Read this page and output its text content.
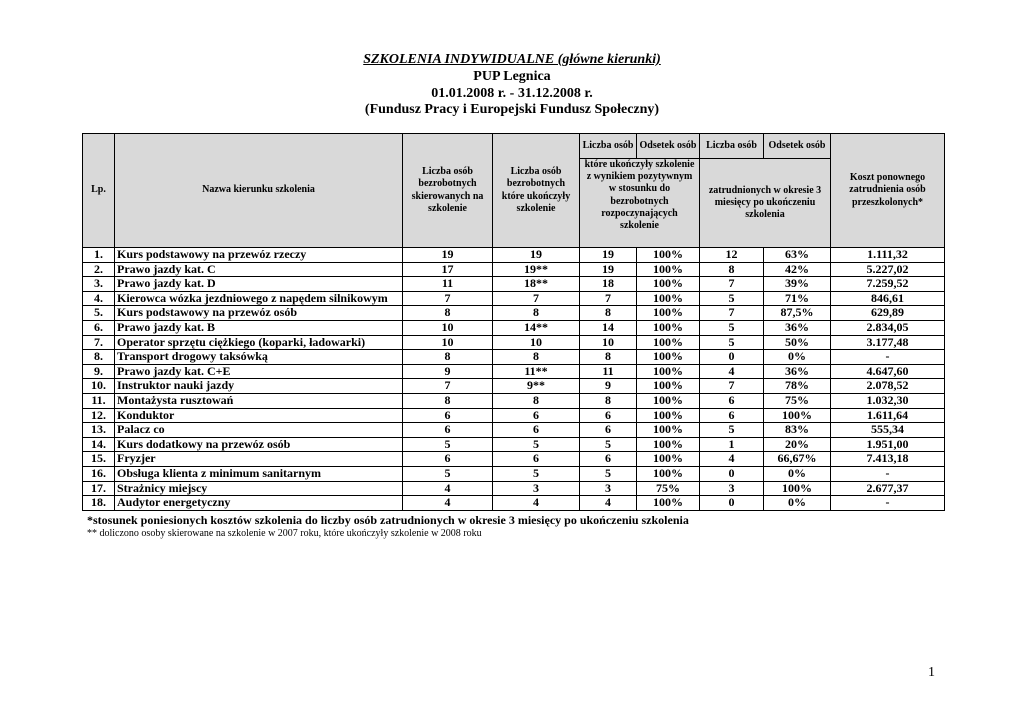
SZKOLENIA INDYWIDUALNE (główne kierunki)
PUP Legnica
01.01.2008 r. - 31.12.2008 r.
(Fundusz Pracy i Europejski Fundusz Społeczny)
Lp.	Nazwa kierunku szkolenia	Liczba osób bezrobotnych skierowanych na szkolenie	Liczba osób bezrobotnych które ukończyły szkolenie	Liczba osób	Odsetek osób	Liczba osób	Odsetek osób	Koszt ponownego zatrudnienia osób przeszkolonych*
				które ukończyły szkolenie z wynikiem pozytywnym w stosunku do bezrobotnych rozpoczynających szkolenie		zatrudnionych w okresie 3 miesięcy po ukończeniu szkolenia		
1.	Kurs podstawowy na przewóz rzeczy	19	19	19	100%	12	63%	1.111,32
2.	Prawo jazdy kat. C	17	19**	19	100%	8	42%	5.227,02
3.	Prawo jazdy kat. D	11	18**	18	100%	7	39%	7.259,52
4.	Kierowca wózka jezdniowego z napędem silnikowym	7	7	7	100%	5	71%	846,61
5.	Kurs podstawowy na przewóz osób	8	8	8	100%	7	87,5%	629,89
6.	Prawo jazdy kat. B	10	14**	14	100%	5	36%	2.834,05
7.	Operator sprzętu ciężkiego (koparki, ładowarki)	10	10	10	100%	5	50%	3.177,48
8.	Transport drogowy taksówką	8	8	8	100%	0	0%	-
9.	Prawo jazdy kat. C+E	9	11**	11	100%	4	36%	4.647,60
10.	Instruktor nauki jazdy	7	9**	9	100%	7	78%	2.078,52
11.	Montażysta rusztowań	8	8	8	100%	6	75%	1.032,30
12.	Konduktor	6	6	6	100%	6	100%	1.611,64
13.	Palacz co	6	6	6	100%	5	83%	555,34
14.	Kurs dodatkowy na przewóz osób	5	5	5	100%	1	20%	1.951,00
15.	Fryzjer	6	6	6	100%	4	66,67%	7.413,18
16.	Obsługa klienta z minimum sanitarnym	5	5	5	100%	0	0%	-
17.	Strażnicy miejscy	4	3	3	75%	3	100%	2.677,37
18.	Audytor energetyczny	4	4	4	100%	0	0%	-
*stosunek poniesionych kosztów szkolenia do liczby osób zatrudnionych w okresie 3 miesięcy po ukończeniu szkolenia
** doliczono osoby skierowane na szkolenie w 2007 roku, które ukończyły szkolenie w 2008 roku
1
